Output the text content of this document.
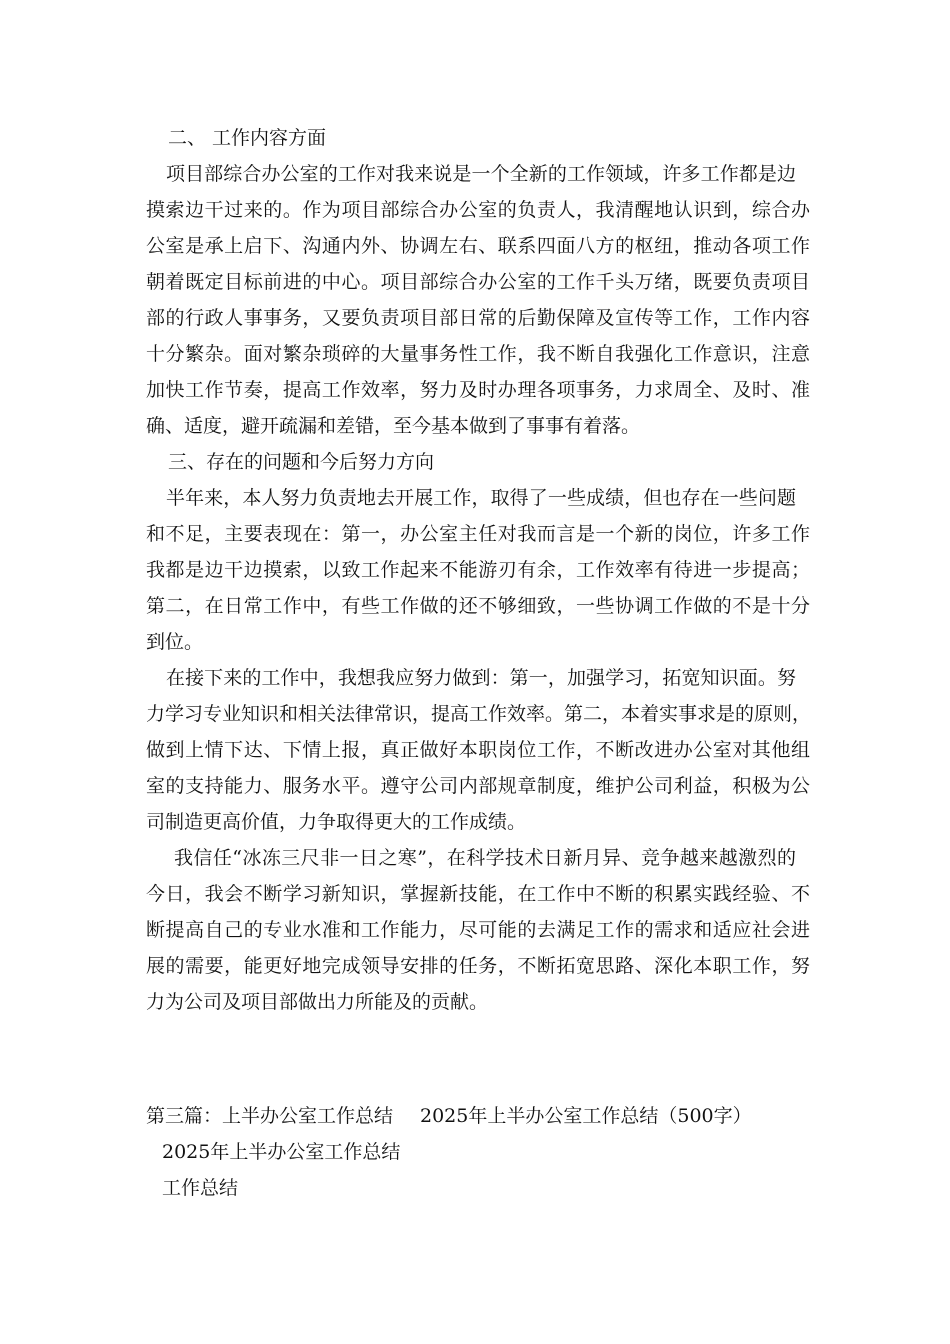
二、 工作内容方面
项目部综合办公室的工作对我来说是一个全新的工作领域，许多工作都是边
摸索边干过来的。作为项目部综合办公室的负责人，我清醒地认识到，综合办
公室是承上启下、沟通内外、协调左右、联系四面八方的枢纽，推动各项工作
朝着既定目标前进的中心。项目部综合办公室的工作千头万绪，既要负责项目
部的行政人事事务，又要负责项目部日常的后勤保障及宣传等工作，工作内容
十分繁杂。面对繁杂琐碎的大量事务性工作，我不断自我强化工作意识，注意
加快工作节奏，提高工作效率，努力及时办理各项事务，力求周全、及时、准
确、适度，避开疏漏和差错，至今基本做到了事事有着落。
三、存在的问题和今后努力方向
半年来，本人努力负责地去开展工作，取得了一些成绩，但也存在一些问题
和不足，主要表现在：第一，办公室主任对我而言是一个新的岗位，许多工作
我都是边干边摸索，以致工作起来不能游刃有余，工作效率有待进一步提高；
第二，在日常工作中，有些工作做的还不够细致，一些协调工作做的不是十分
到位。
在接下来的工作中，我想我应努力做到：第一，加强学习，拓宽知识面。努
力学习专业知识和相关法律常识，提高工作效率。第二，本着实事求是的原则，
做到上情下达、下情上报，真正做好本职岗位工作，不断改进办公室对其他组
室的支持能力、服务水平。遵守公司内部规章制度，维护公司利益，积极为公
司制造更高价值，力争取得更大的工作成绩。
我信任“冰冻三尺非一日之寒”，在科学技术日新月异、竞争越来越激烈的
今日，我会不断学习新知识，掌握新技能，在工作中不断的积累实践经验、不
断提高自己的专业水准和工作能力，尽可能的去满足工作的需求和适应社会进
展的需要，能更好地完成领导安排的任务，不断拓宽思路、深化本职工作，努
力为公司及项目部做出力所能及的贡献。
第三篇：上半办公室工作总结 2025年上半办公室工作总结（500字）
2025年上半办公室工作总结
工作总结
